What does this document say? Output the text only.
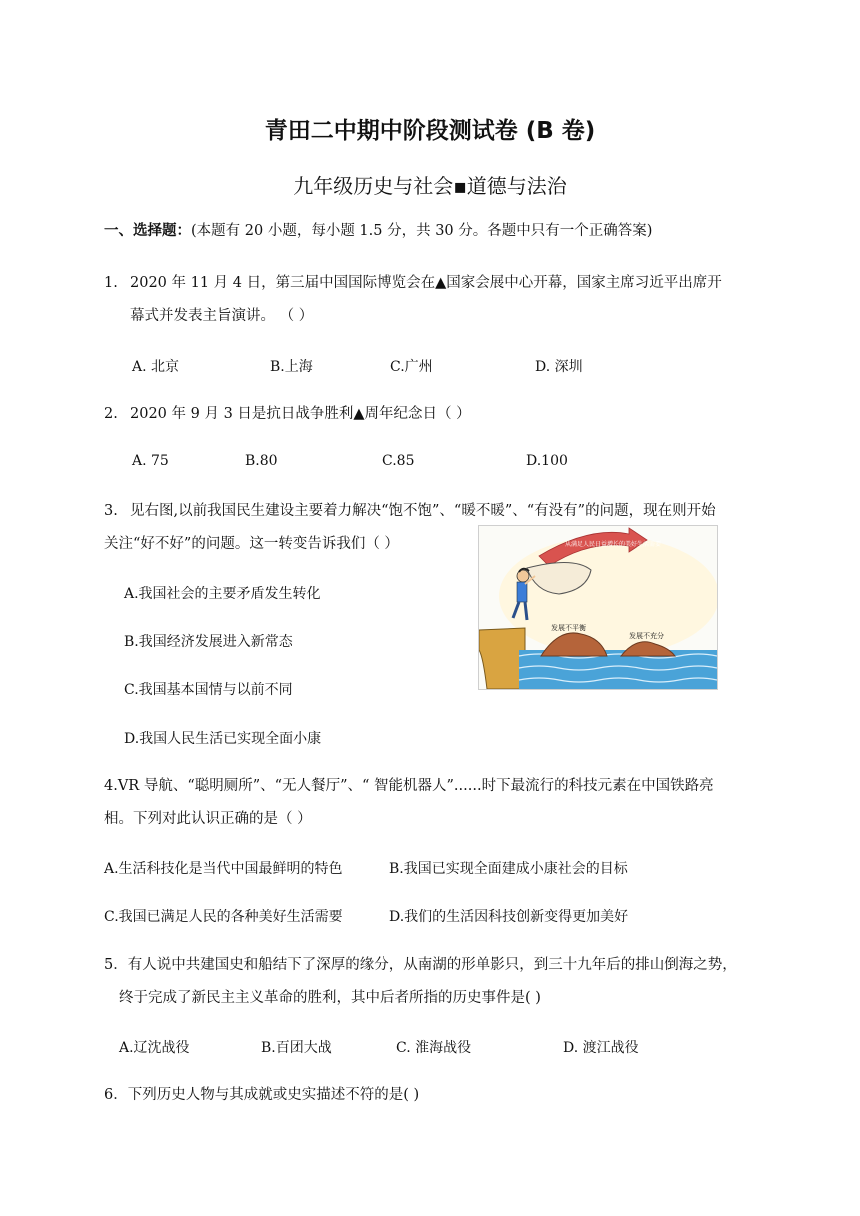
青田二中期中阶段测试卷 (B 卷)
九年级历史与社会▪道德与法治
一、选择题：(本题有 20 小题，每小题 1.5 分，共 30 分。各题中只有一个正确答案)
1. 2020 年 11 月 4 日，第三届中国国际博览会在▲国家会展中心开幕，国家主席习近平出席开
幕式并发表主旨演讲。 （ ）
A. 北京	B.上海	C.广州	D. 深圳
2. 2020 年 9 月 3 日是抗日战争胜利▲周年纪念日（ ）
A. 75	B.80	C.85	D.100
3. 见右图,以前我国民生建设主要着力解决“饱不饱”、“暖不暖”、“有没有”的问题，现在则开始
关注“好不好”的问题。这一转变告诉我们（ ）
A.我国社会的主要矛盾发生转化
B.我国经济发展进入新常态
C.我国基本国情与以前不同
D.我国人民生活已实现全面小康
从满足人民日益增长的美好生活需要
发展不平衡
发展不充分
4.VR 导航、“聪明厕所”、“无人餐厅”、“ 智能机器人”......时下最流行的科技元素在中国铁路亮
相。下列对此认识正确的是（ ）
A.生活科技化是当代中国最鲜明的特色	B.我国已实现全面建成小康社会的目标
C.我国已满足人民的各种美好生活需要	D.我们的生活因科技创新变得更加美好
5．有人说中共建国史和船结下了深厚的缘分，从南湖的形单影只，到三十九年后的排山倒海之势，
终于完成了新民主主义革命的胜利，其中后者所指的历史事件是( )
A.辽沈战役	B.百团大战	C. 淮海战役	D. 渡江战役
6．下列历史人物与其成就或史实描述不符的是( )
